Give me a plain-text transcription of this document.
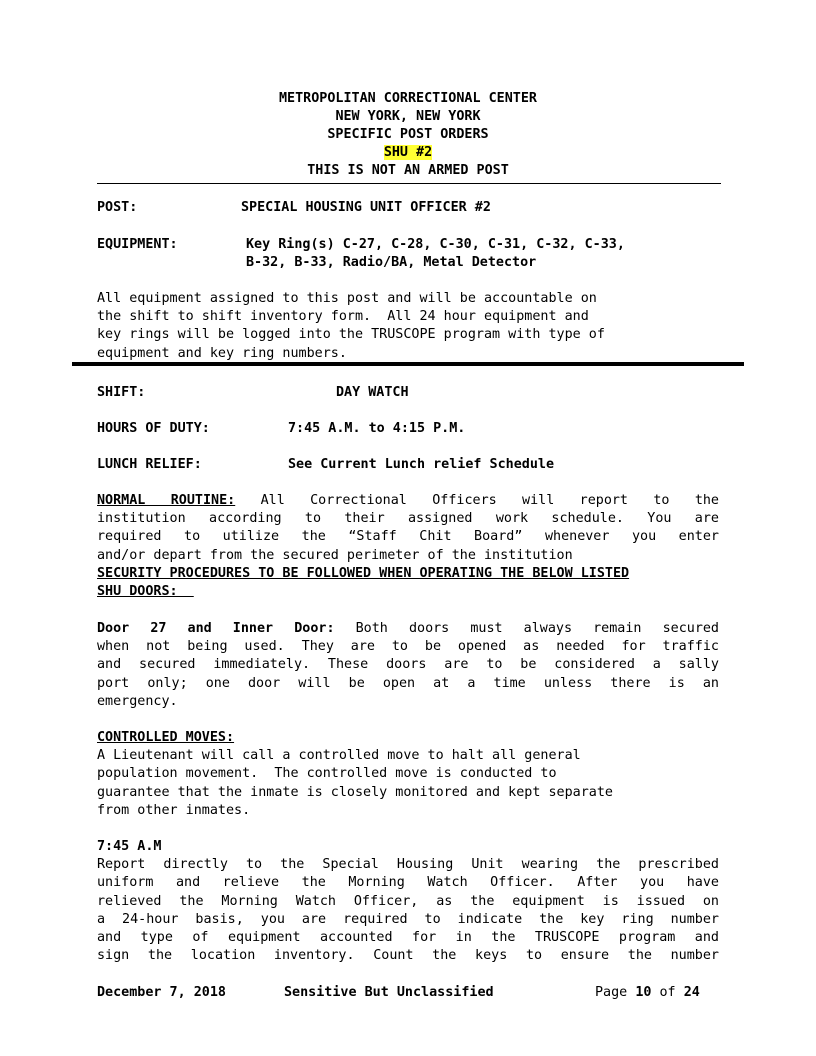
METROPOLITAN CORRECTIONAL CENTER
NEW YORK, NEW YORK
SPECIFIC POST ORDERS
SHU #2
THIS IS NOT AN ARMED POST
POST:	SPECIAL HOUSING UNIT OFFICER #2
EQUIPMENT:	Key Ring(s) C-27, C-28, C-30, C-31, C-32, C-33,
B-32, B-33, Radio/BA, Metal Detector
All equipment assigned to this post and will be accountable on
the shift to shift inventory form.  All 24 hour equipment and
key rings will be logged into the TRUSCOPE program with type of
equipment and key ring numbers.
SHIFT:	DAY WATCH
HOURS OF DUTY:	7:45 A.M. to 4:15 P.M.
LUNCH RELIEF:	See Current Lunch relief Schedule
NORMAL ROUTINE: All Correctional Officers will report to the
institution according to their assigned work schedule. You are
required to utilize the “Staff Chit Board” whenever you enter
and/or depart from the secured perimeter of the institution
SECURITY PROCEDURES TO BE FOLLOWED WHEN OPERATING THE BELOW LISTED
SHU DOORS:
Door 27 and Inner Door: Both doors must always remain secured
when not being used. They are to be opened as needed for traffic
and secured immediately. These doors are to be considered a sally
port only; one door will be open at a time unless there is an
emergency.
CONTROLLED MOVES:
A Lieutenant will call a controlled move to halt all general
population movement.  The controlled move is conducted to
guarantee that the inmate is closely monitored and kept separate
from other inmates.
7:45 A.M
Report directly to the Special Housing Unit wearing the prescribed
uniform and relieve the Morning Watch Officer. After you have
relieved the Morning Watch Officer, as the equipment is issued on
a 24-hour basis, you are required to indicate the key ring number
and type of equipment accounted for in the TRUSCOPE program and
sign the location inventory. Count the keys to ensure the number
December 7, 2018	Sensitive But Unclassified	Page 10 of 24
